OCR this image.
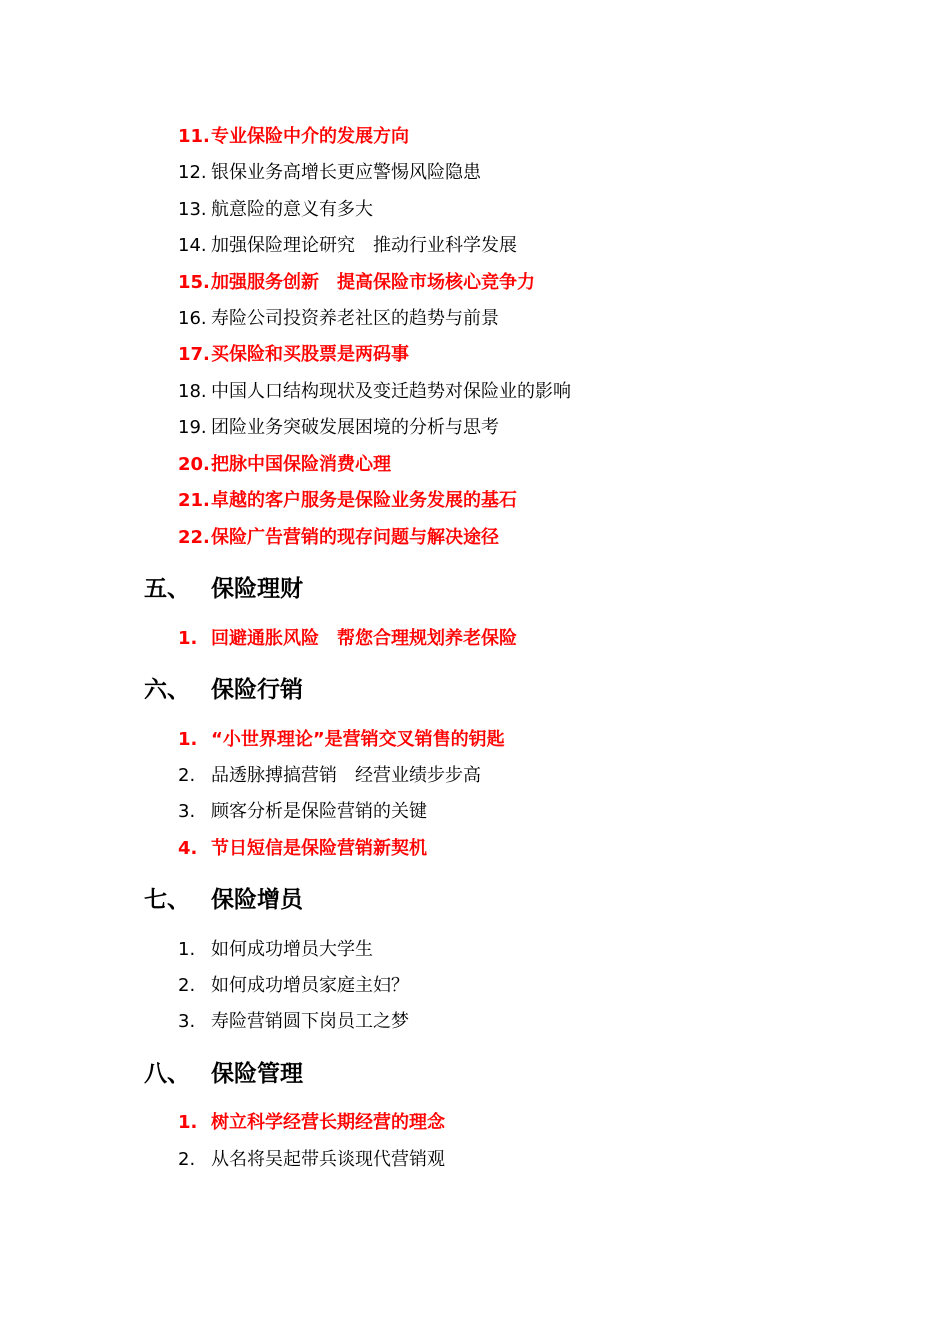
11.专业保险中介的发展方向
12. 银保业务高增长更应警惕风险隐患
13. 航意险的意义有多大
14. 加强保险理论研究　推动行业科学发展
15.加强服务创新　提高保险市场核心竞争力
16. 寿险公司投资养老社区的趋势与前景
17.买保险和买股票是两码事
18. 中国人口结构现状及变迁趋势对保险业的影响
19. 团险业务突破发展困境的分析与思考
20.把脉中国保险消费心理
21.卓越的客户服务是保险业务发展的基石
22.保险广告营销的现存问题与解决途径
五、 保险理财
1. 回避通胀风险　帮您合理规划养老保险
六、 保险行销
1. “小世界理论”是营销交叉销售的钥匙
2. 品透脉搏搞营销　经营业绩步步高
3. 顾客分析是保险营销的关键
4. 节日短信是保险营销新契机
七、 保险增员
1. 如何成功增员大学生
2. 如何成功增员家庭主妇？
3. 寿险营销圆下岗员工之梦
八、 保险管理
1. 树立科学经营长期经营的理念
2. 从名将吴起带兵谈现代营销观
